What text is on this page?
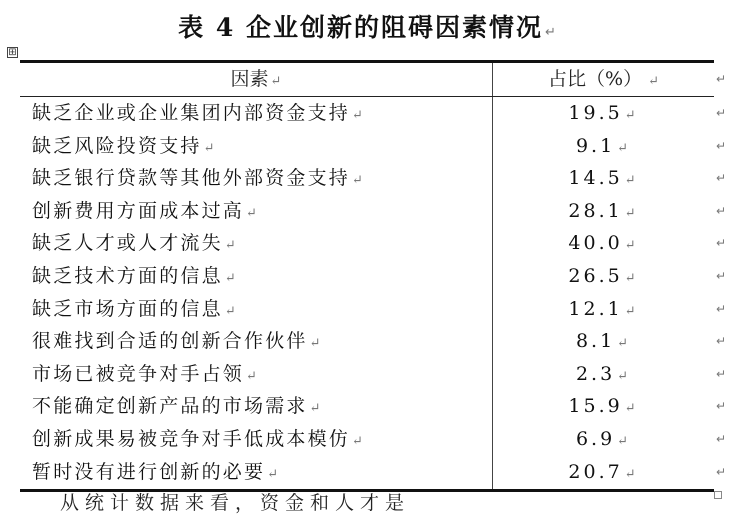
表 4 企业创新的阻碍因素情况 ↵
⊞
因素 ↵	占比（%） ↵	↵
缺乏企业或企业集团内部资金支持 ↵	19.5 ↵	↵
缺乏风险投资支持 ↵	9.1 ↵	↵
缺乏银行贷款等其他外部资金支持 ↵	14.5 ↵	↵
创新费用方面成本过高 ↵	28.1 ↵	↵
缺乏人才或人才流失 ↵	40.0 ↵	↵
缺乏技术方面的信息 ↵	26.5 ↵	↵
缺乏市场方面的信息 ↵	12.1 ↵	↵
很难找到合适的创新合作伙伴 ↵	8.1 ↵	↵
市场已被竞争对手占领 ↵	2.3 ↵	↵
不能确定创新产品的市场需求 ↵	15.9 ↵	↵
创新成果易被竞争对手低成本模仿 ↵	6.9 ↵	↵
暂时没有进行创新的必要 ↵	20.7 ↵	↵
从统计数据来看，资金和人才是
